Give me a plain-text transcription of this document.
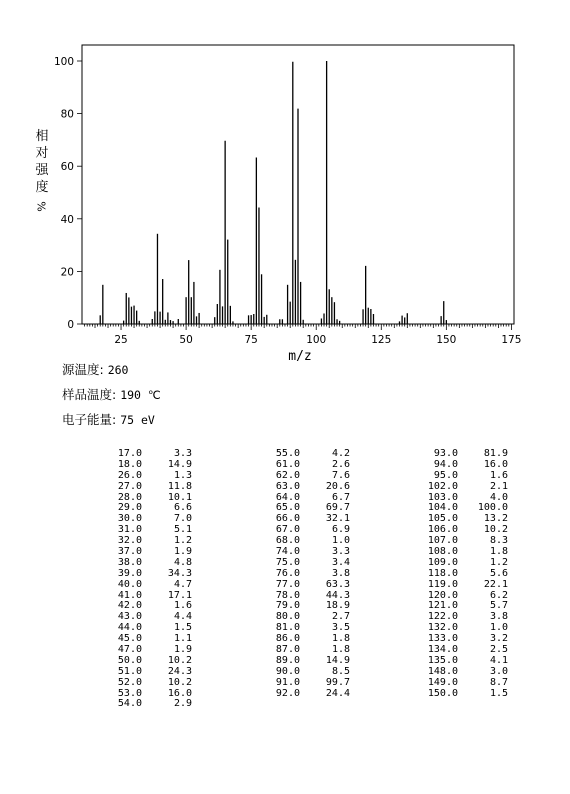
25	50	75	100	125	150	175
0
20
40
60
80
100
m/z
相对强度
%
源温度: 260
样品温度: 190 ℃
电子能量: 75 eV
17.0	3.3
18.0	14.9
26.0	1.3
27.0	11.8
28.0	10.1
29.0	6.6
30.0	7.0
31.0	5.1
32.0	1.2
37.0	1.9
38.0	4.8
39.0	34.3
40.0	4.7
41.0	17.1
42.0	1.6
43.0	4.4
44.0	1.5
45.0	1.1
47.0	1.9
50.0	10.2
51.0	24.3
52.0	10.2
53.0	16.0
54.0	2.9
55.0	4.2
61.0	2.6
62.0	7.6
63.0	20.6
64.0	6.7
65.0	69.7
66.0	32.1
67.0	6.9
68.0	1.0
74.0	3.3
75.0	3.4
76.0	3.8
77.0	63.3
78.0	44.3
79.0	18.9
80.0	2.7
81.0	3.5
86.0	1.8
87.0	1.8
89.0	14.9
90.0	8.5
91.0	99.7
92.0	24.4
93.0	81.9
94.0	16.0
95.0	1.6
102.0	2.1
103.0	4.0
104.0 100.0
105.0	13.2
106.0	10.2
107.0	8.3
108.0	1.8
109.0	1.2
118.0	5.6
119.0	22.1
120.0	6.2
121.0	5.7
122.0	3.8
132.0	1.0
133.0	3.2
134.0	2.5
135.0	4.1
148.0	3.0
149.0	8.7
150.0	1.5
